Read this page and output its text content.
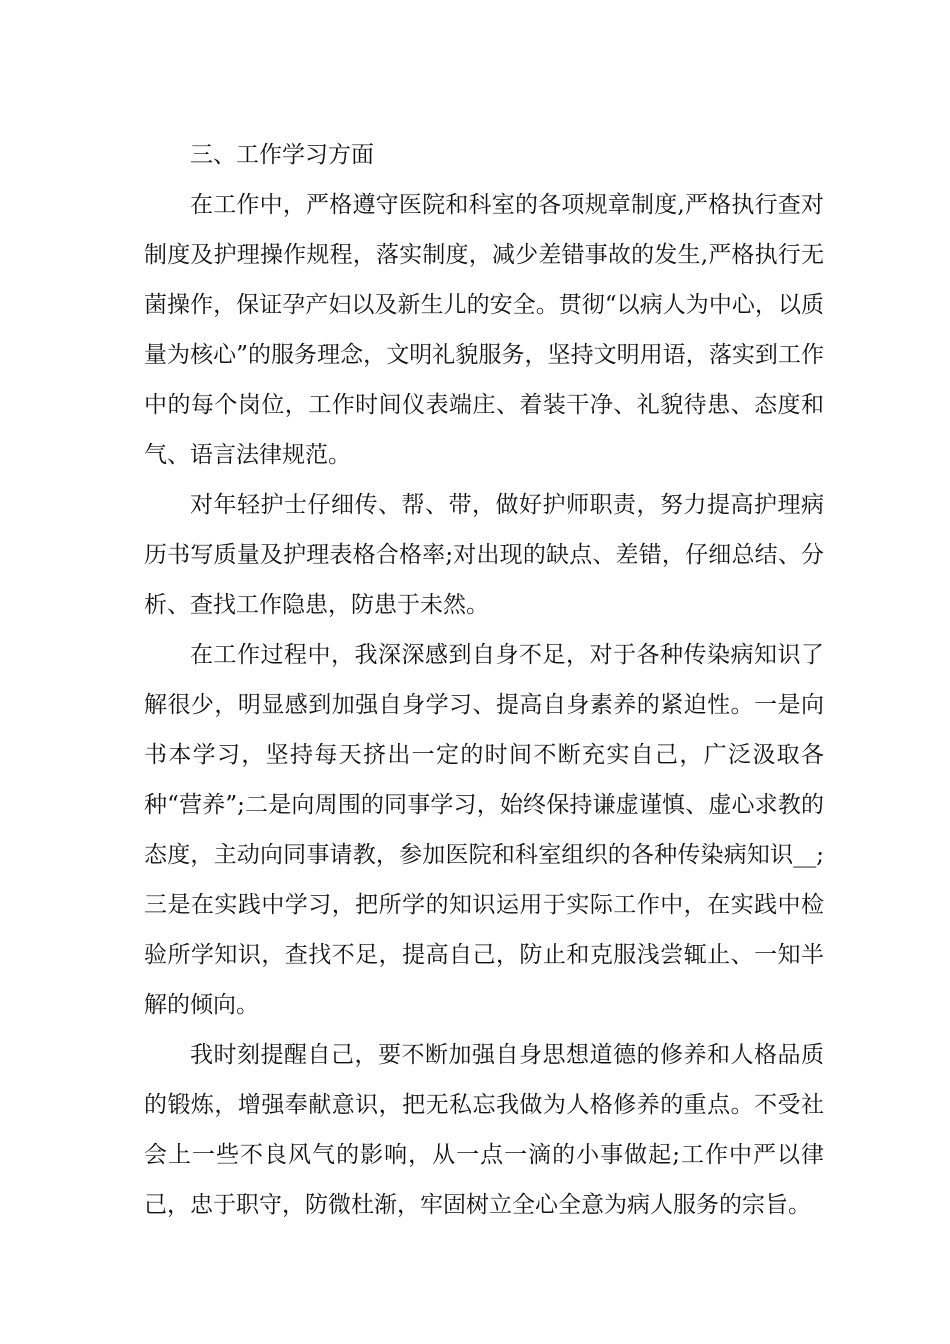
三、工作学习方面

在工作中，严格遵守医院和科室的各项规章制度,严格执行查对制度及护理操作规程，落实制度，减少差错事故的发生,严格执行无菌操作，保证孕产妇以及新生儿的安全。贯彻“以病人为中心，以质量为核心”的服务理念，文明礼貌服务，坚持文明用语，落实到工作中的每个岗位，工作时间仪表端庄、着装干净、礼貌待患、态度和气、语言法律规范。

对年轻护士仔细传、帮、带，做好护师职责，努力提高护理病历书写质量及护理表格合格率;对出现的缺点、差错，仔细总结、分析、查找工作隐患，防患于未然。

在工作过程中，我深深感到自身不足，对于各种传染病知识了解很少，明显感到加强自身学习、提高自身素养的紧迫性。一是向书本学习，坚持每天挤出一定的时间不断充实自己，广泛汲取各种“营养”;二是向周围的同事学习，始终保持谦虚谨慎、虚心求教的态度，主动向同事请教，参加医院和科室组织的各种传染病知识__;三是在实践中学习，把所学的知识运用于实际工作中，在实践中检验所学知识，查找不足，提高自己，防止和克服浅尝辄止、一知半解的倾向。

我时刻提醒自己，要不断加强自身思想道德的修养和人格品质的锻炼，增强奉献意识，把无私忘我做为人格修养的重点。不受社会上一些不良风气的影响，从一点一滴的小事做起;工作中严以律己，忠于职守，防微杜渐，牢固树立全心全意为病人服务的宗旨。
